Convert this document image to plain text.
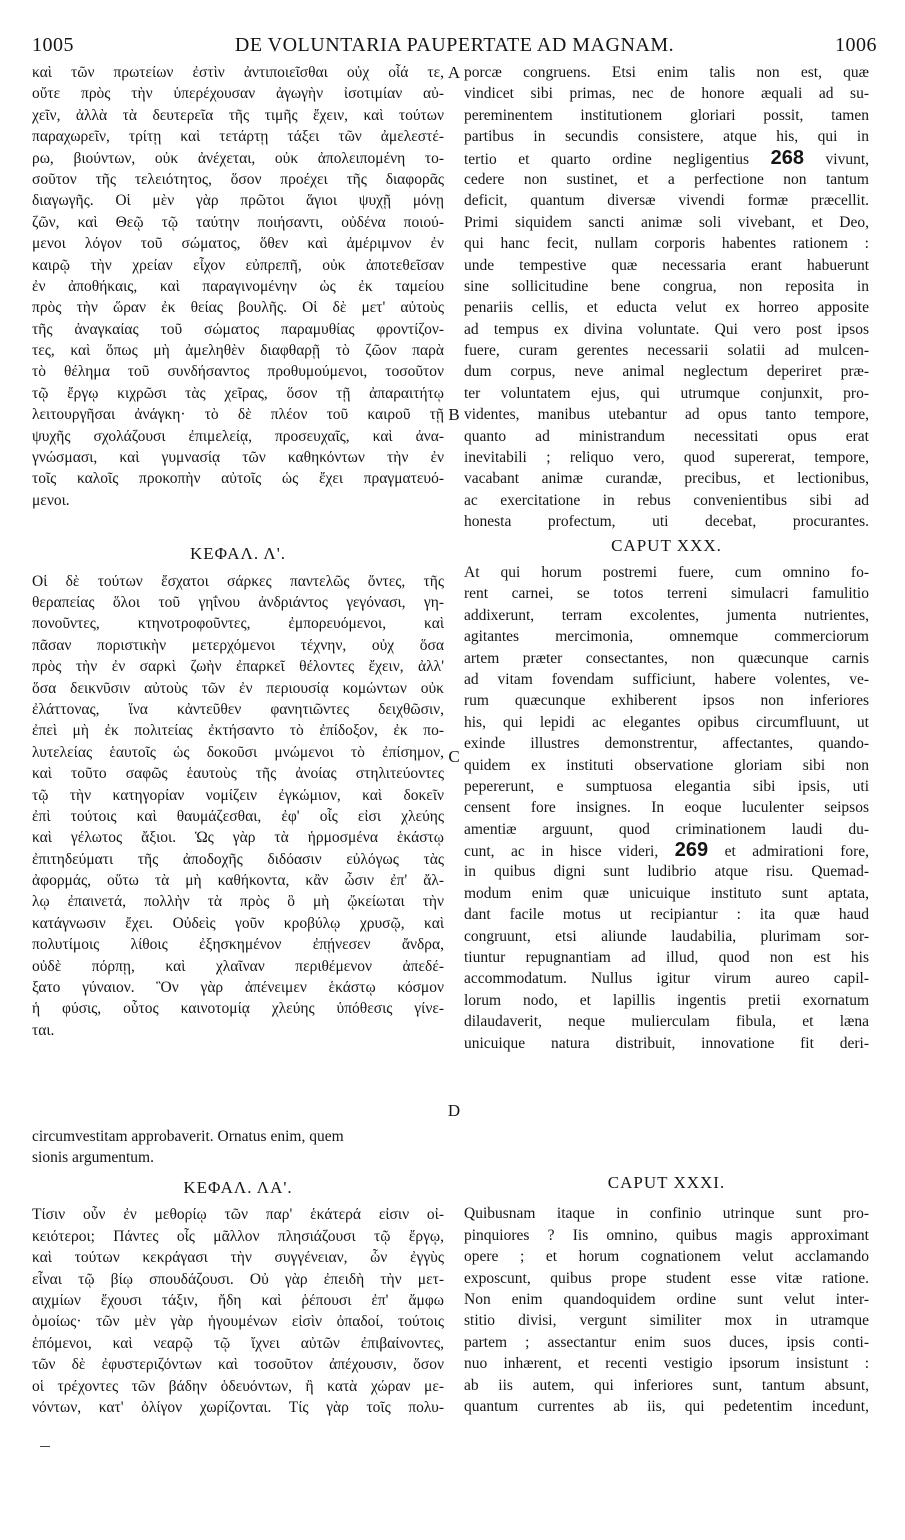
1005	DE VOLUNTARIA PAUPERTATE AD MAGNAM.	1006
καὶ τῶν πρωτείων ἐστὶν ἀντιποιεῖσθαι οὐχ οἷά τε,
οὔτε πρὸς τὴν ὑπερέχουσαν ἀγωγὴν ἰσοτιμίαν αὐ-
χεῖν, ἀλλὰ τὰ δευτερεῖα τῆς τιμῆς ἔχειν, καὶ τούτων
παραχωρεῖν, τρίτῃ καὶ τετάρτῃ τάξει τῶν ἀμελεστέ-
ρω, βιούντων, οὐκ ἀνέχεται, οὐκ ἀπολειπομένη το-
σοῦτον τῆς τελειότητος, ὅσον προέχει τῆς διαφορᾶς
διαγωγῆς. Οἱ μὲν γὰρ πρῶτοι ἅγιοι ψυχῇ μόνῃ
ζῶν, καὶ Θεῷ τῷ ταύτην ποιήσαντι, οὐδένα ποιού-
μενοι λόγον τοῦ σώματος, ὅθεν καὶ ἀμέριμνον ἐν
καιρῷ τὴν χρείαν εἶχον εὐπρεπῆ, οὐκ ἀποτεθεῖσαν
ἐν ἀποθήκαις, καὶ παραγινομένην ὡς ἐκ ταμείου
πρὸς τὴν ὥραν ἐκ θείας βουλῆς. Οἱ δὲ μετ' αὐτοὺς
τῆς ἀναγκαίας τοῦ σώματος παραμυθίας φροντίζον-
τες, καὶ ὅπως μὴ ἀμεληθὲν διαφθαρῇ τὸ ζῶον παρὰ
τὸ θέλημα τοῦ συνδήσαντος προθυμούμενοι, τοσοῦτον
τῷ ἔργῳ κιχρῶσι τὰς χεῖρας, ὅσον τῇ ἀπαραιτήτῳ
λειτουργῆσαι ἀνάγκη· τὸ δὲ πλέον τοῦ καιροῦ τῇ
ψυχῆς σχολάζουσι ἐπιμελείᾳ, προσευχαῖς, καὶ ἀνα-
γνώσμασι, καὶ γυμνασίᾳ τῶν καθηκόντων τὴν ἐν
τοῖς καλοῖς προκοπὴν αὐτοῖς ὡς ἔχει πραγματευό-
μενοι.
ΚΕΦΑΛ. Λ'.
Οἱ δὲ τούτων ἔσχατοι σάρκες παντελῶς ὄντες, τῆς
θεραπείας ὅλοι τοῦ γηΐνου ἀνδριάντος γεγόνασι, γη-
πονοῦντες, κτηνοτροφοῦντες, ἐμπορευόμενοι, καὶ
πᾶσαν ποριστικὴν μετερχόμενοι τέχνην, οὐχ ὅσα
πρὸς τὴν ἐν σαρκὶ ζωὴν ἐπαρκεῖ θέλοντες ἔχειν, ἀλλ'
ὅσα δεικνῦσιν αὐτοὺς τῶν ἐν περιουσίᾳ κομώντων οὐκ
ἐλάττονας, ἵνα κἀντεῦθεν φανητιῶντες δειχθῶσιν,
ἐπεὶ μὴ ἐκ πολιτείας ἐκτήσαντο τὸ ἐπίδοξον, ἐκ πο-
λυτελείας ἑαυτοῖς ὡς δοκοῦσι μνώμενοι τὸ ἐπίσημον,
καὶ τοῦτο σαφῶς ἑαυτοὺς τῆς ἀνοίας στηλιτεύοντες
τῷ τὴν κατηγορίαν νομίζειν ἐγκώμιον, καὶ δοκεῖν
ἐπὶ τούτοις καὶ θαυμάζεσθαι, ἐφ' οἷς εἰσι χλεύης
καὶ γέλωτος ἄξιοι. Ὡς γὰρ τὰ ἡρμοσμένα ἑκάστῳ
ἐπιτηδεύματι τῆς ἀποδοχῆς διδόασιν εὐλόγως τὰς
ἀφορμάς, οὕτω τὰ μὴ καθήκοντα, κἂν ὦσιν ἐπ' ἄλ-
λῳ ἐπαινετά, πολλὴν τὰ πρὸς ὃ μὴ ᾤκείωται τὴν
κατάγνωσιν ἔχει. Οὐδεὶς γοῦν κροβύλῳ χρυσῷ, καὶ
πολυτίμοις λίθοις ἐξησκημένον ἐπῄνεσεν ἄνδρα,
οὐδὲ πόρπῃ, καὶ χλαῖναν περιθέμενον ἀπεδέ-
ξατο γύναιον. Ὃν γὰρ ἀπένειμεν ἑκάστῳ κόσμον
ἡ φύσις, οὗτος καινοτομίᾳ χλεύης ὑπόθεσις γίνε-
ται.
circumvestitam approbaverit. Ornatus enim, quem
sionis argumentum.
ΚΕΦΑΛ. ΛΑ'.
Τίσιν οὖν ἐν μεθορίῳ τῶν παρ' ἑκάτερά εἰσιν οἰ-
κειότεροι; Πάντες οἷς μᾶλλον πλησιάζουσι τῷ ἔργῳ,
καὶ τούτων κεκράγασι τὴν συγγένειαν, ὧν ἐγγὺς
εἶναι τῷ βίῳ σπουδάζουσι. Οὐ γὰρ ἐπειδὴ τὴν μετ-
αιχμίων ἔχουσι τάξιν, ἤδη καὶ ῥέπουσι ἐπ' ἄμφω
ὁμοίως· τῶν μὲν γὰρ ἡγουμένων εἰσὶν ὀπαδοί, τούτοις
ἑπόμενοι, καὶ νεαρῷ τῷ ἴχνει αὐτῶν ἐπιβαίνοντες,
τῶν δὲ ἐφυστεριζόντων καὶ τοσοῦτον ἀπέχουσιν, ὅσον
οἱ τρέχοντες τῶν βάδην ὁδευόντων, ἢ κατὰ χώραν με-
νόντων, κατ' ὀλίγον χωρίζονται. Τίς γὰρ τοῖς πολυ-
A
B
C
D
porcæ congruens. Etsi enim talis non est, quæ
vindicet sibi primas, nec de honore æquali ad su-
pereminentem institutionem gloriari possit, tamen
partibus in secundis consistere, atque his, qui in
tertio et quarto ordine negligentius 268 vivunt,
cedere non sustinet, et a perfectione non tantum
deficit, quantum diversæ vivendi formæ præcellit.
Primi siquidem sancti animæ soli vivebant, et Deo,
qui hanc fecit, nullam corporis habentes rationem :
unde tempestive quæ necessaria erant habuerunt
sine sollicitudine bene congrua, non reposita in
penariis cellis, et educta velut ex horreo apposite
ad tempus ex divina voluntate. Qui vero post ipsos
fuere, curam gerentes necessarii solatii ad mulcen-
dum corpus, neve animal neglectum deperiret præ-
ter voluntatem ejus, qui utrumque conjunxit, pro-
videntes, manibus utebantur ad opus tanto tempore,
quanto ad ministrandum necessitati opus erat
inevitabili ; reliquo vero, quod supererat, tempore,
vacabant animæ curandæ, precibus, et lectionibus,
ac exercitatione in rebus convenientibus sibi ad
honesta profectum, uti decebat, procurantes.
CAPUT XXX.
At qui horum postremi fuere, cum omnino fo-
rent carnei, se totos terreni simulacri famulitio
addixerunt, terram excolentes, jumenta nutrientes,
agitantes mercimonia, omnemque commerciorum
artem præter consectantes, non quæcunque carnis
ad vitam fovendam sufficiunt, habere volentes, ve-
rum quæcunque exhiberent ipsos non inferiores
his, qui lepidi ac elegantes opibus circumfluunt, ut
exinde illustres demonstrentur, affectantes, quando-
quidem ex instituti observatione gloriam sibi non
pepererunt, e sumptuosa elegantia sibi ipsis, uti
censent fore insignes. In eoque luculenter seipsos
amentiæ arguunt, quod criminationem laudi du-
cunt, ac in hisce videri, 269 et admirationi fore,
in quibus digni sunt ludibrio atque risu. Quemad-
modum enim quæ unicuique instituto sunt aptata,
dant facile motus ut recipiantur : ita quæ haud
congruunt, etsi aliunde laudabilia, plurimam sor-
tiuntur repugnantiam ad illud, quod non est his
accommodatum. Nullus igitur virum aureo capil-
lorum nodo, et lapillis ingentis pretii exornatum
dilaudaverit, neque mulierculam fibula, et læna
unicuique natura distribuit, innovatione fit deri-
CAPUT XXXI.
Quibusnam itaque in confinio utrinque sunt pro-
pinquiores ? Iis omnino, quibus magis approximant
opere ; et horum cognationem velut acclamando
exposcunt, quibus prope student esse vitæ ratione.
Non enim quandoquidem ordine sunt velut inter-
stitio divisi, vergunt similiter mox in utramque
partem ; assectantur enim suos duces, ipsis conti-
nuo inhærent, et recenti vestigio ipsorum insistunt :
ab iis autem, qui inferiores sunt, tantum absunt,
quantum currentes ab iis, qui pedetentim incedunt,
